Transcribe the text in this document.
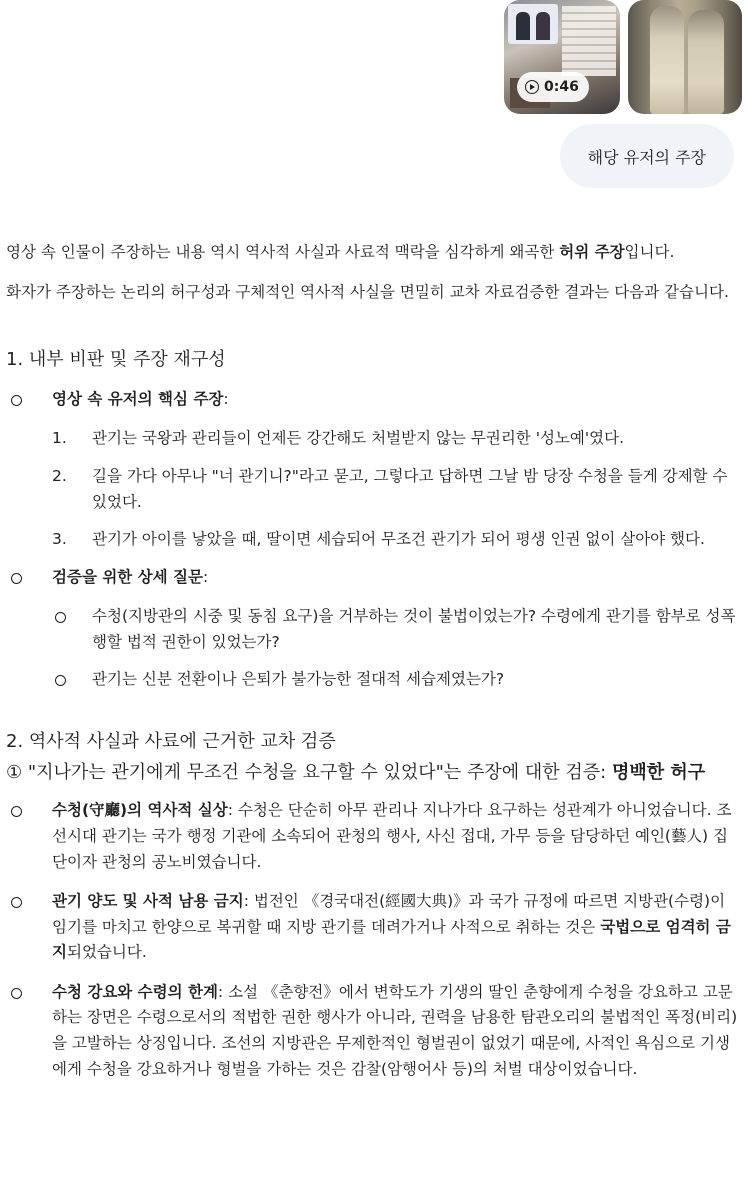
0:46
해당 유저의 주장
영상 속 인물이 주장하는 내용 역시 역사적 사실과 사료적 맥락을 심각하게 왜곡한 허위 주장입니다.
화자가 주장하는 논리의 허구성과 구체적인 역사적 사실을 면밀히 교차 자료검증한 결과는 다음과 같습니다.
1. 내부 비판 및 주장 재구성
영상 속 유저의 핵심 주장:
1. 관기는 국왕과 관리들이 언제든 강간해도 처벌받지 않는 무권리한 '성노예'였다.
2. 길을 가다 아무나 "너 관기니?"라고 묻고, 그렇다고 답하면 그날 밤 당장 수청을 들게 강제할 수 있었다.
3. 관기가 아이를 낳았을 때, 딸이면 세습되어 무조건 관기가 되어 평생 인권 없이 살아야 했다.
검증을 위한 상세 질문:
수청(지방관의 시중 및 동침 요구)을 거부하는 것이 불법이었는가? 수령에게 관기를 함부로 성폭행할 법적 권한이 있었는가?
관기는 신분 전환이나 은퇴가 불가능한 절대적 세습제였는가?
2. 역사적 사실과 사료에 근거한 교차 검증
① "지나가는 관기에게 무조건 수청을 요구할 수 있었다"는 주장에 대한 검증: 명백한 허구
수청(守廳)의 역사적 실상: 수청은 단순히 아무 관리나 지나가다 요구하는 성관계가 아니었습니다. 조선시대 관기는 국가 행정 기관에 소속되어 관청의 행사, 사신 접대, 가무 등을 담당하던 예인(藝人) 집단이자 관청의 공노비였습니다.
관기 양도 및 사적 남용 금지: 법전인 《경국대전(經國大典)》과 국가 규정에 따르면 지방관(수령)이 임기를 마치고 한양으로 복귀할 때 지방 관기를 데려가거나 사적으로 취하는 것은 국법으로 엄격히 금지되었습니다.
수청 강요와 수령의 한계: 소설 《춘향전》에서 변학도가 기생의 딸인 춘향에게 수청을 강요하고 고문하는 장면은 수령으로서의 적법한 권한 행사가 아니라, 권력을 남용한 탐관오리의 불법적인 폭정(비리)을 고발하는 상징입니다. 조선의 지방관은 무제한적인 형벌권이 없었기 때문에, 사적인 욕심으로 기생에게 수청을 강요하거나 형벌을 가하는 것은 감찰(암행어사 등)의 처벌 대상이었습니다.
